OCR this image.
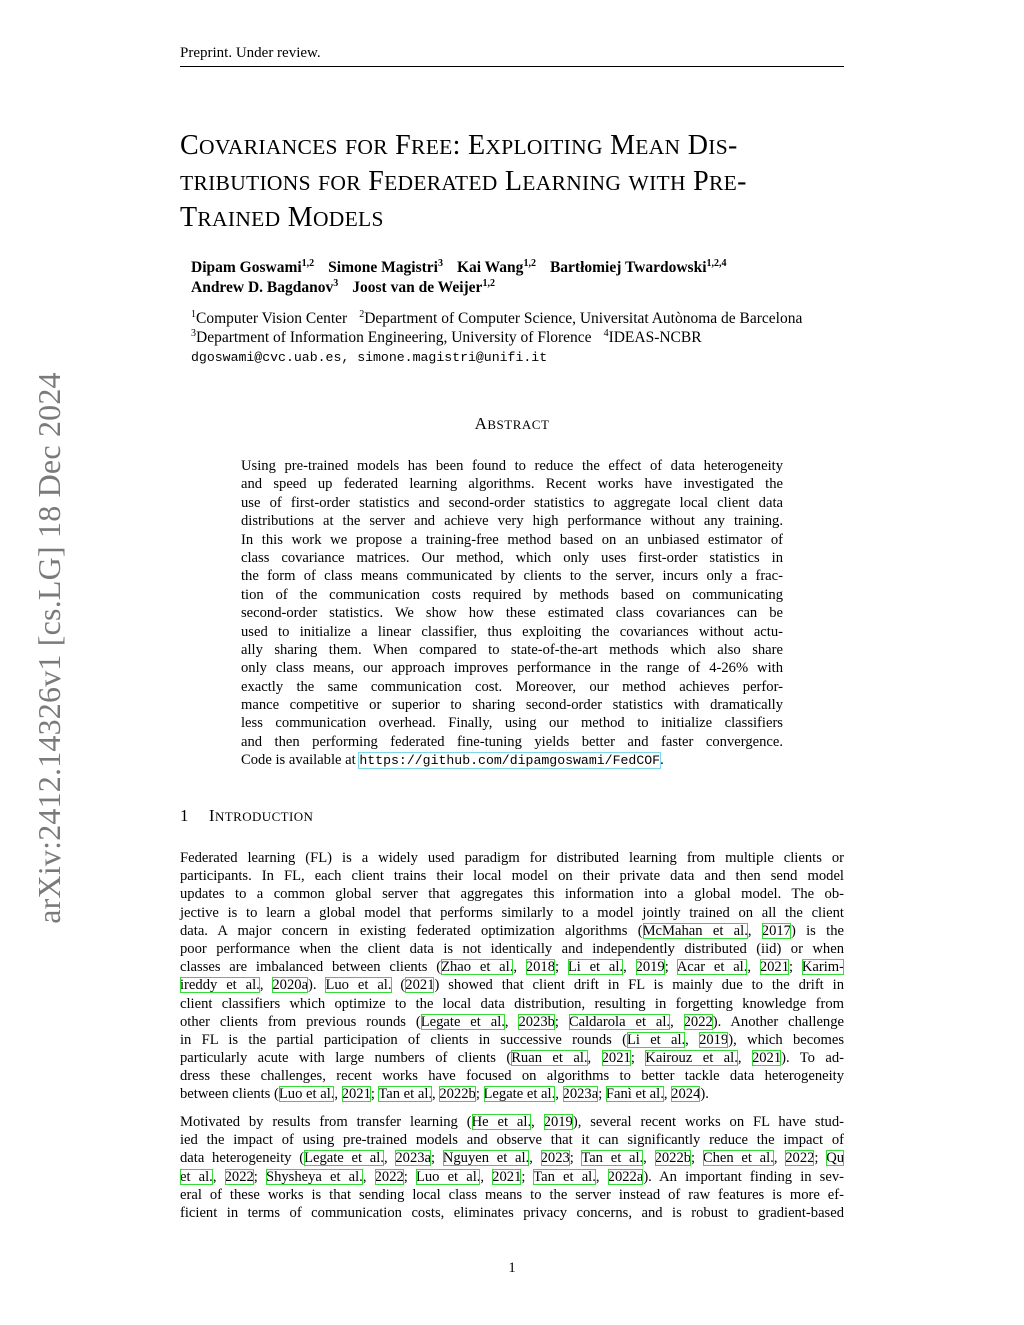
Preprint. Under review.
COVARIANCES FOR FREE: EXPLOITING MEAN DIS-
TRIBUTIONS FOR FEDERATED LEARNING WITH PRE-
TRAINED MODELS
Dipam Goswami$^{1,2}$ Simone Magistri$^3$ Kai Wang$^{1,2}$ Bartłomiej Twardowski$^{1,2,4}$
Andrew D. Bagdanov$^3$ Joost van de Weijer$^{1,2}$
$^1$Computer Vision Center $^2$Department of Computer Science, Universitat Autònoma de Barcelona
$^3$Department of Information Engineering, University of Florence $^4$IDEAS-NCBR
dgoswami@cvc.uab.es, simone.magistri@unifi.it
ABSTRACT
Using pre-trained models has been found to reduce the effect of data heterogeneity
and speed up federated learning algorithms. Recent works have investigated the
use of first-order statistics and second-order statistics to aggregate local client data
distributions at the server and achieve very high performance without any training.
In this work we propose a training-free method based on an unbiased estimator of
class covariance matrices. Our method, which only uses first-order statistics in
the form of class means communicated by clients to the server, incurs only a frac-
tion of the communication costs required by methods based on communicating
second-order statistics. We show how these estimated class covariances can be
used to initialize a linear classifier, thus exploiting the covariances without actu-
ally sharing them. When compared to state-of-the-art methods which also share
only class means, our approach improves performance in the range of 4-26% with
exactly the same communication cost. Moreover, our method achieves perfor-
mance competitive or superior to sharing second-order statistics with dramatically
less communication overhead. Finally, using our method to initialize classifiers
and then performing federated fine-tuning yields better and faster convergence.
Code is available at https://github.com/dipamgoswami/FedCOF.
1 INTRODUCTION
Federated learning (FL) is a widely used paradigm for distributed learning from multiple clients or
participants. In FL, each client trains their local model on their private data and then send model
updates to a common global server that aggregates this information into a global model. The ob-
jective is to learn a global model that performs similarly to a model jointly trained on all the client
data. A major concern in existing federated optimization algorithms (McMahan et al., 2017) is the
poor performance when the client data is not identically and independently distributed (iid) or when
classes are imbalanced between clients (Zhao et al., 2018; Li et al., 2019; Acar et al., 2021; Karim-
ireddy et al., 2020a). Luo et al. (2021) showed that client drift in FL is mainly due to the drift in
client classifiers which optimize to the local data distribution, resulting in forgetting knowledge from
other clients from previous rounds (Legate et al., 2023b; Caldarola et al., 2022). Another challenge
in FL is the partial participation of clients in successive rounds (Li et al., 2019), which becomes
particularly acute with large numbers of clients (Ruan et al., 2021; Kairouz et al., 2021). To ad-
dress these challenges, recent works have focused on algorithms to better tackle data heterogeneity
between clients (Luo et al., 2021; Tan et al., 2022b; Legate et al., 2023a; Fanì et al., 2024).
Motivated by results from transfer learning (He et al., 2019), several recent works on FL have stud-
ied the impact of using pre-trained models and observe that it can significantly reduce the impact of
data heterogeneity (Legate et al., 2023a; Nguyen et al., 2023; Tan et al., 2022b; Chen et al., 2022; Qu
et al., 2022; Shysheya et al., 2022; Luo et al., 2021; Tan et al., 2022a). An important finding in sev-
eral of these works is that sending local class means to the server instead of raw features is more ef-
ficient in terms of communication costs, eliminates privacy concerns, and is robust to gradient-based
1
arXiv:2412.14326v1 [cs.LG] 18 Dec 2024
